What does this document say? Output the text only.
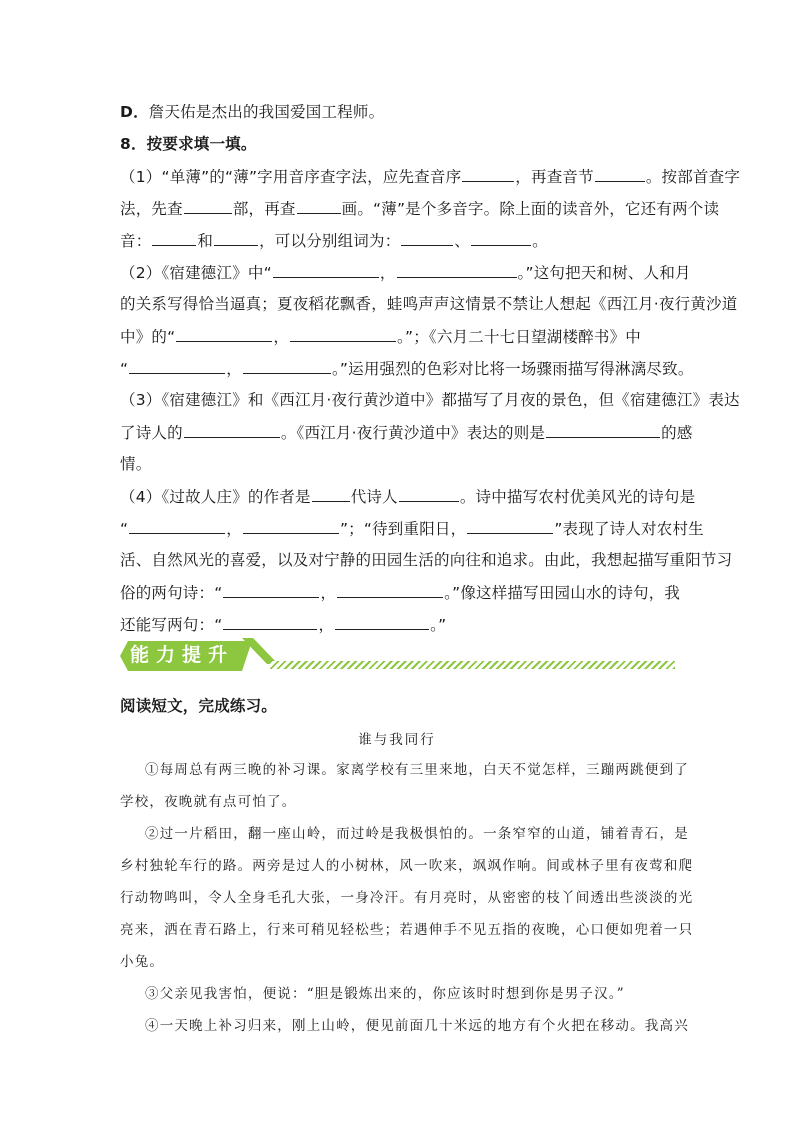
D．詹天佑是杰出的我国爱国工程师。
8．按要求填一填。
（1）“单薄”的“薄”字用音序查字法，应先查音序	，再查音节	。按部首查字
法，先查	部，再查	画。“薄”是个多音字。除上面的读音外，它还有两个读
音：	和	，可以分别组词为：	、	。
（2）《宿建德江》中“	，	。”这句把天和树、人和月
的关系写得恰当逼真；夏夜稻花飘香，蛙鸣声声这情景不禁让人想起《西江月·夜行黄沙道
中》的“	，	。”；《六月二十七日望湖楼醉书》中
“	，	。”运用强烈的色彩对比将一场骤雨描写得淋漓尽致。
（3）《宿建德江》和《西江月·夜行黄沙道中》都描写了月夜的景色，但《宿建德江》表达
了诗人的	。《西江月·夜行黄沙道中》表达的则是	的感
情。
（4）《过故人庄》的作者是	代诗人	。诗中描写农村优美风光的诗句是
“	，	”；“待到重阳日，	”表现了诗人对农村生
活、自然风光的喜爱，以及对宁静的田园生活的向往和追求。由此，我想起描写重阳节习
俗的两句诗：“	，	。”像这样描写田园山水的诗句，我
还能写两句：“	，	。”
能力提升
阅读短文，完成练习。
谁与我同行
①每周总有两三晚的补习课。家离学校有三里来地，白天不觉怎样，三蹦两跳便到了
学校，夜晚就有点可怕了。
②过一片稻田，翻一座山岭，而过岭是我极惧怕的。一条窄窄的山道，铺着青石，是
乡村独轮车行的路。两旁是过人的小树林，风一吹来，飒飒作响。间或林子里有夜莺和爬
行动物鸣叫，令人全身毛孔大张，一身冷汗。有月亮时，从密密的枝丫间透出些淡淡的光
亮来，洒在青石路上，行来可稍见轻松些；若遇伸手不见五指的夜晚，心口便如兜着一只
小兔。
③父亲见我害怕，便说：“胆是锻炼出来的，你应该时时想到你是男子汉。”
④一天晚上补习归来，刚上山岭，便见前面几十米远的地方有个火把在移动。我高兴
